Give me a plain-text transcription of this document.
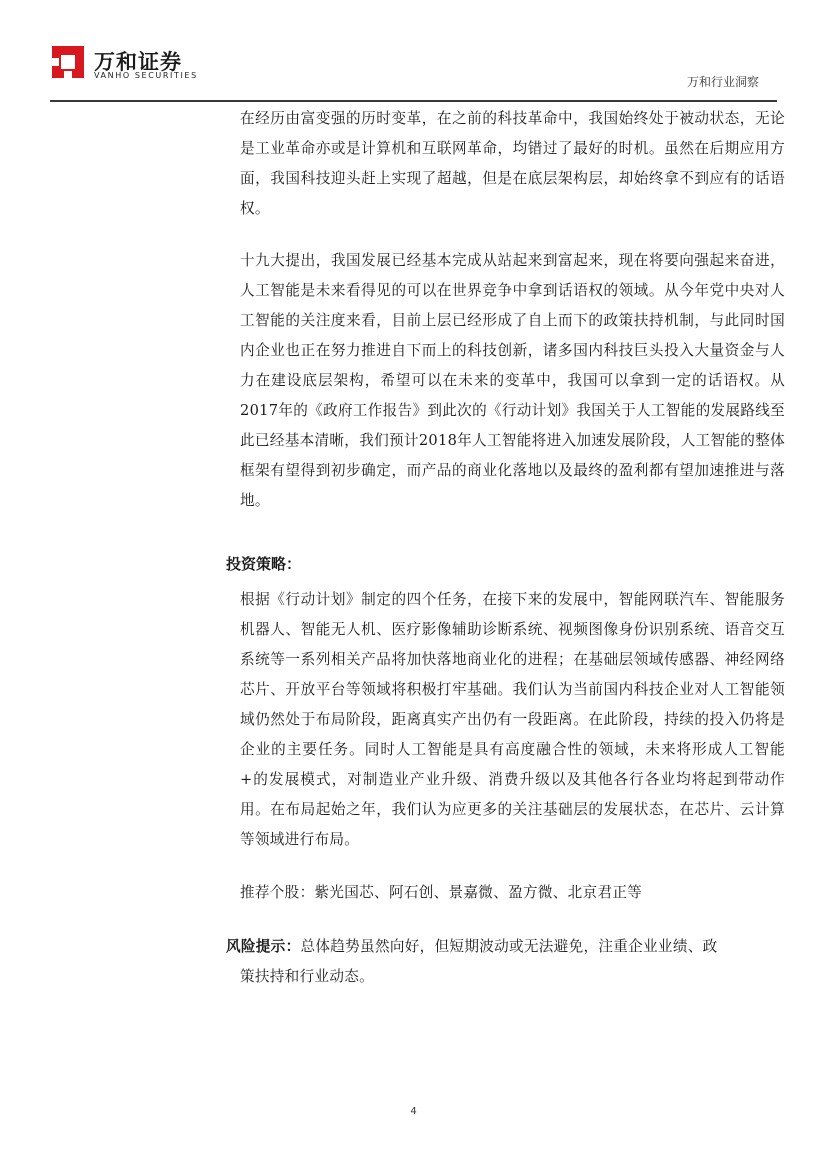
万和证券
VANHO SECURITIES	万和行业洞察

在经历由富变强的历时变革，在之前的科技革命中，我国始终处于被动状态，无论是工业革命亦或是计算机和互联网革命，均错过了最好的时机。虽然在后期应用方面，我国科技迎头赶上实现了超越，但是在底层架构层，却始终拿不到应有的话语权。

十九大提出，我国发展已经基本完成从站起来到富起来，现在将要向强起来奋进，人工智能是未来看得见的可以在世界竞争中拿到话语权的领域。从今年党中央对人工智能的关注度来看，目前上层已经形成了自上而下的政策扶持机制，与此同时国内企业也正在努力推进自下而上的科技创新，诸多国内科技巨头投入大量资金与人力在建设底层架构，希望可以在未来的变革中，我国可以拿到一定的话语权。从2017年的《政府工作报告》到此次的《行动计划》我国关于人工智能的发展路线至此已经基本清晰，我们预计2018年人工智能将进入加速发展阶段，人工智能的整体框架有望得到初步确定，而产品的商业化落地以及最终的盈利都有望加速推进与落地。

投资策略：

根据《行动计划》制定的四个任务，在接下来的发展中，智能网联汽车、智能服务机器人、智能无人机、医疗影像辅助诊断系统、视频图像身份识别系统、语音交互系统等一系列相关产品将加快落地商业化的进程；在基础层领域传感器、神经网络芯片、开放平台等领域将积极打牢基础。我们认为当前国内科技企业对人工智能领域仍然处于布局阶段，距离真实产出仍有一段距离。在此阶段，持续的投入仍将是企业的主要任务。同时人工智能是具有高度融合性的领域，未来将形成人工智能+的发展模式，对制造业产业升级、消费升级以及其他各行各业均将起到带动作用。在布局起始之年，我们认为应更多的关注基础层的发展状态，在芯片、云计算等领域进行布局。

推荐个股：紫光国芯、阿石创、景嘉微、盈方微、北京君正等

风险提示：总体趋势虽然向好，但短期波动或无法避免，注重企业业绩、政
策扶持和行业动态。
4
